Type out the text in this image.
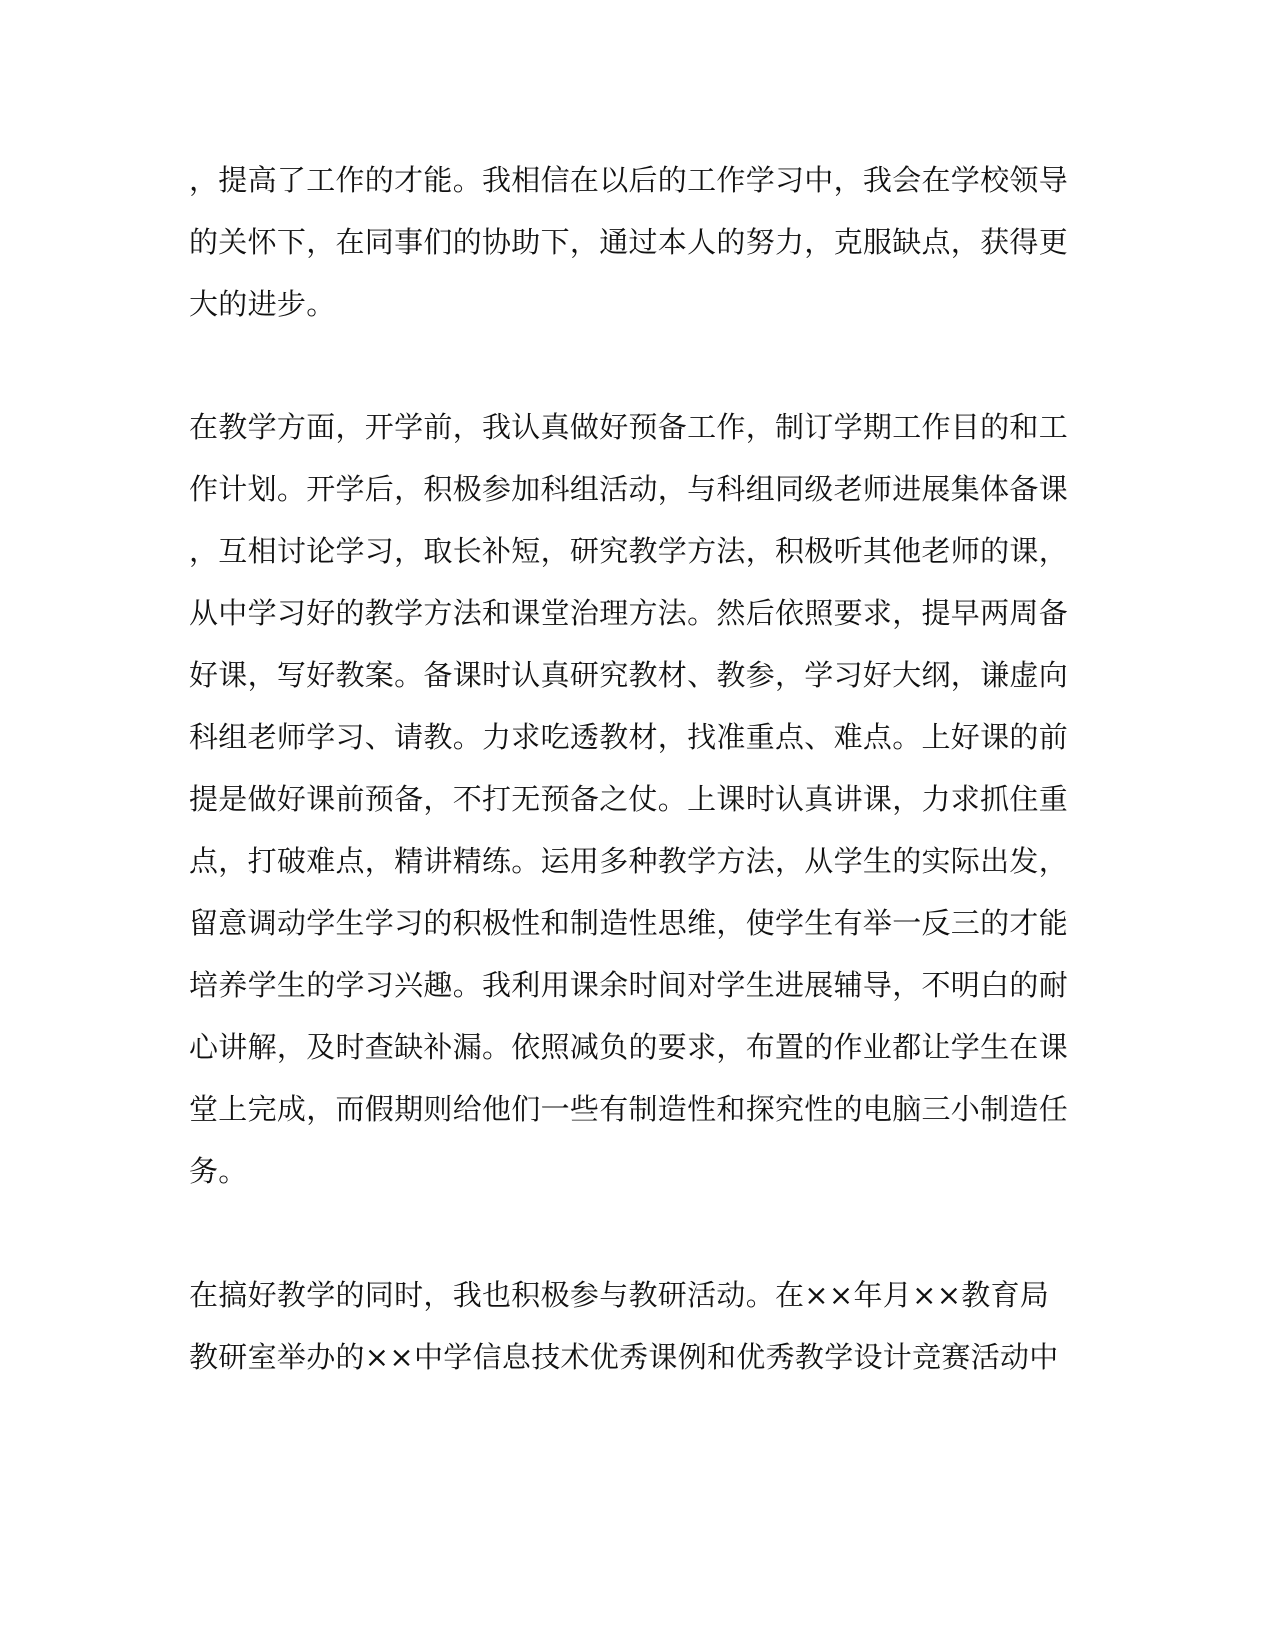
，提高了工作的才能。我相信在以后的工作学习中，我会在学校领导
的关怀下，在同事们的协助下，通过本人的努力，克服缺点，获得更
大的进步。
在教学方面，开学前，我认真做好预备工作，制订学期工作目的和工
作计划。开学后，积极参加科组活动，与科组同级老师进展集体备课
，互相讨论学习，取长补短，研究教学方法，积极听其他老师的课，
从中学习好的教学方法和课堂治理方法。然后依照要求，提早两周备
好课，写好教案。备课时认真研究教材、教参，学习好大纲，谦虚向
科组老师学习、请教。力求吃透教材，找准重点、难点。上好课的前
提是做好课前预备，不打无预备之仗。上课时认真讲课，力求抓住重
点，打破难点，精讲精练。运用多种教学方法，从学生的实际出发，
留意调动学生学习的积极性和制造性思维，使学生有举一反三的才能
培养学生的学习兴趣。我利用课余时间对学生进展辅导，不明白的耐
心讲解，及时查缺补漏。依照减负的要求，布置的作业都让学生在课
堂上完成，而假期则给他们一些有制造性和探究性的电脑三小制造任
务。
在搞好教学的同时，我也积极参与教研活动。在××年月××教育局
教研室举办的××中学信息技术优秀课例和优秀教学设计竞赛活动中
